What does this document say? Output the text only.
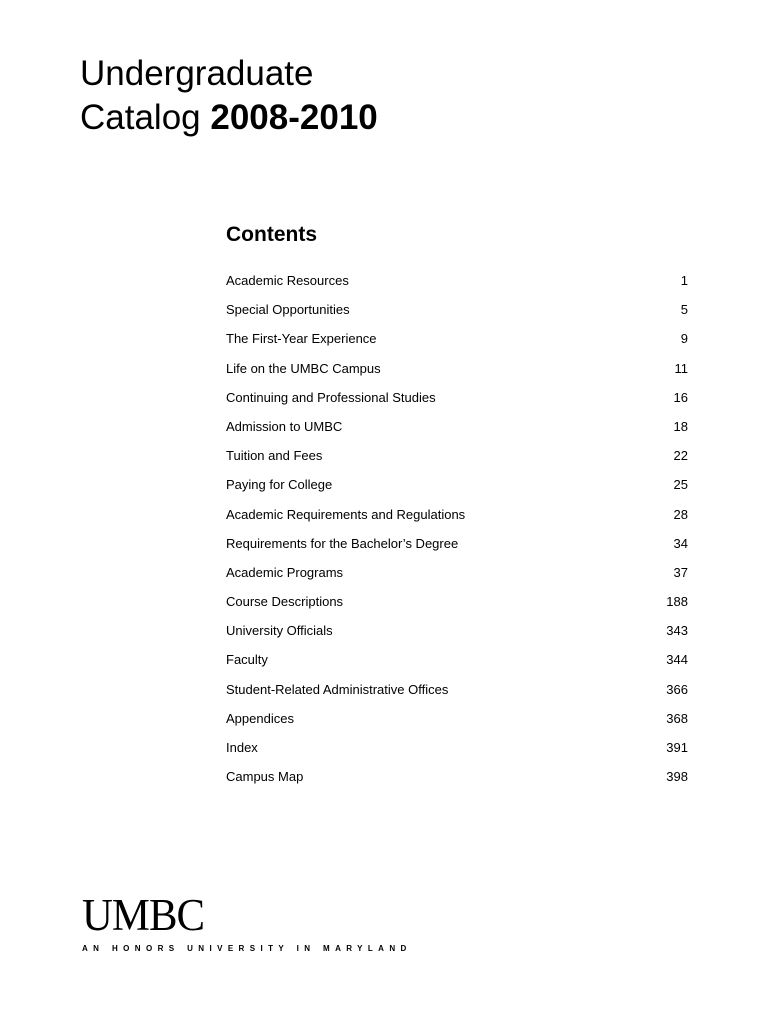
Undergraduate
Catalog 2008-2010
Contents
Academic Resources	1
Special Opportunities	5
The First-Year Experience	9
Life on the UMBC Campus	11
Continuing and Professional Studies	16
Admission to UMBC	18
Tuition and Fees	22
Paying for College	25
Academic Requirements and Regulations	28
Requirements for the Bachelor’s Degree	34
Academic Programs	37
Course Descriptions	188
University Officials	343
Faculty	344
Student-Related Administrative Offices	366
Appendices	368
Index	391
Campus Map	398
UMBC
AN HONORS UNIVERSITY IN MARYLAND
